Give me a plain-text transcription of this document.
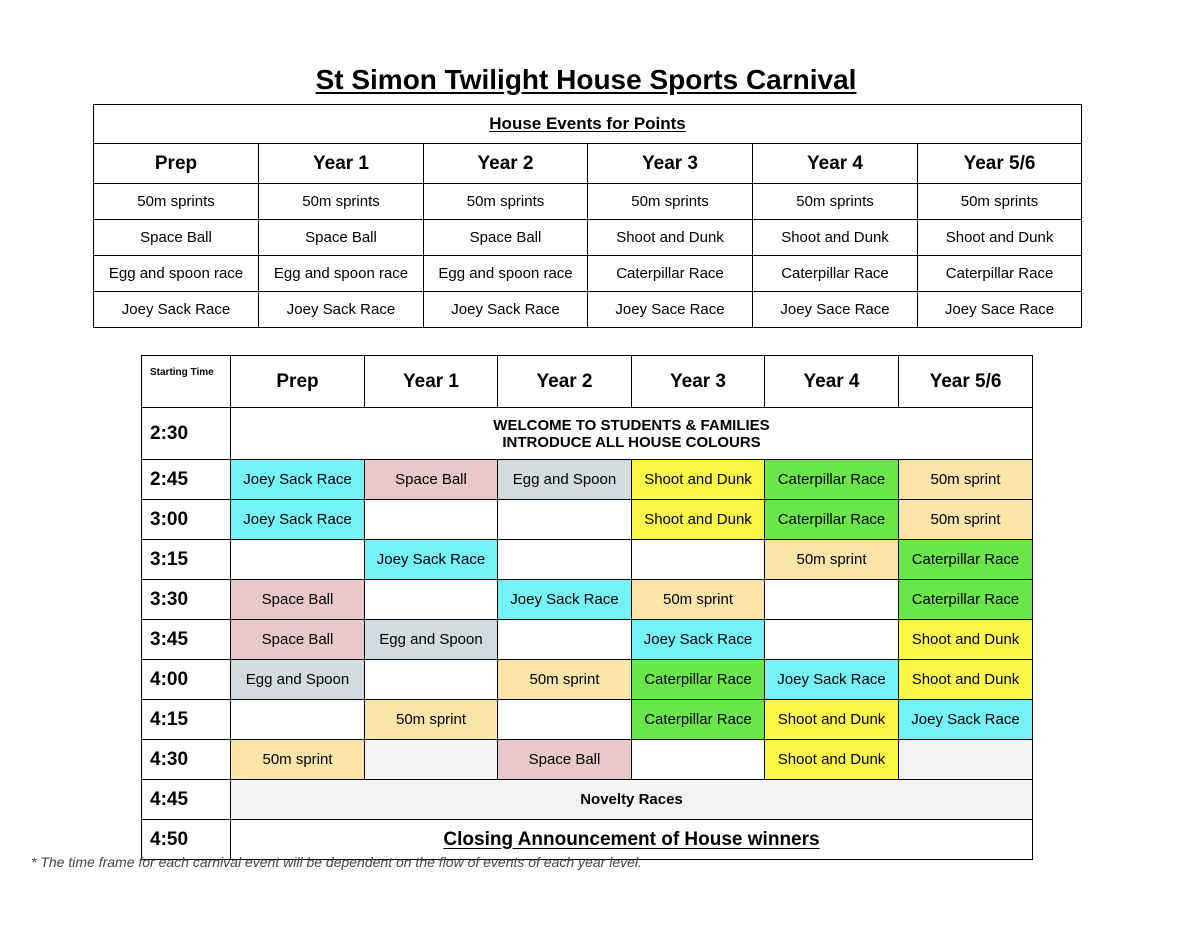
St Simon Twilight House Sports Carnival
House Events for Points					
Prep	Year 1	Year 2	Year 3	Year 4	Year 5/6
50m sprints	50m sprints	50m sprints	50m sprints	50m sprints	50m sprints
Space Ball	Space Ball	Space Ball	Shoot and Dunk	Shoot and Dunk	Shoot and Dunk
Egg and spoon race	Egg and spoon race	Egg and spoon race	Caterpillar Race	Caterpillar Race	Caterpillar Race
Joey Sack Race	Joey Sack Race	Joey Sack Race	Joey Sace Race	Joey Sace Race	Joey Sace Race
Starting Time	Prep	Year 1	Year 2	Year 3	Year 4	Year 5/6
2:30	WELCOME TO STUDENTS & FAMILIES
INTRODUCE ALL HOUSE COLOURS					

2:45	Joey Sack Race	Space Ball	Egg and Spoon	Shoot and Dunk	Caterpillar Race	50m sprint
3:00	Joey Sack Race			Shoot and Dunk	Caterpillar Race	50m sprint
3:15		Joey Sack Race			50m sprint	Caterpillar Race
3:30	Space Ball		Joey Sack Race	50m sprint		Caterpillar Race
3:45	Space Ball	Egg and Spoon		Joey Sack Race		Shoot and Dunk
4:00	Egg and Spoon		50m sprint	Caterpillar Race	Joey Sack Race	Shoot and Dunk
4:15		50m sprint		Caterpillar Race	Shoot and Dunk	Joey Sack Race
4:30	50m sprint		Space Ball		Shoot and Dunk	
4:45	Novelty Races					
4:50	Closing Announcement of House winners					
* The time frame for each carnival event will be dependent on the flow of events of each year level.
